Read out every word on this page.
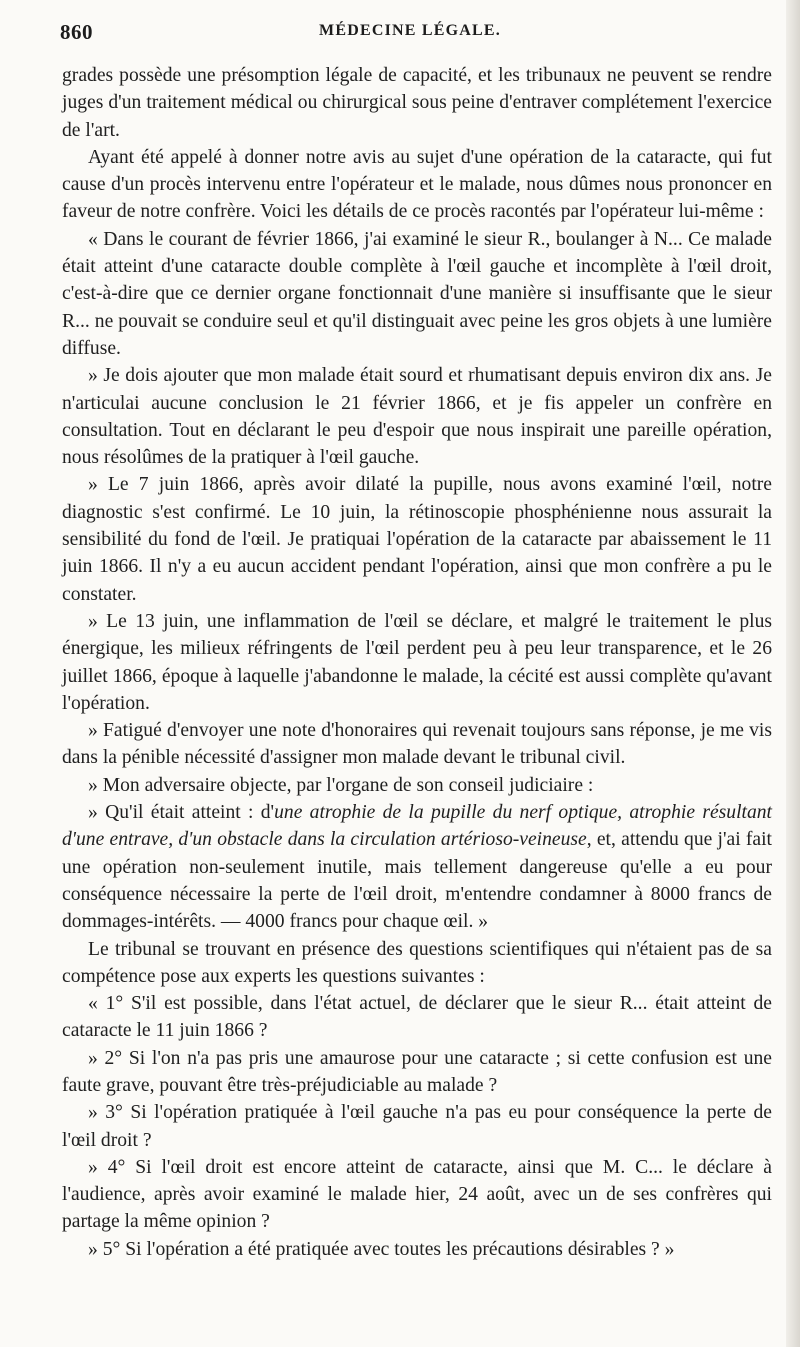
860	MÉDECINE LÉGALE.

grades possède une présomption légale de capacité, et les tribunaux ne peuvent se rendre juges d'un traitement médical ou chirurgical sous peine d'entraver complétement l'exercice de l'art.

Ayant été appelé à donner notre avis au sujet d'une opération de la cataracte, qui fut cause d'un procès intervenu entre l'opérateur et le malade, nous dûmes nous prononcer en faveur de notre confrère. Voici les détails de ce procès racontés par l'opérateur lui-même :

« Dans le courant de février 1866, j'ai examiné le sieur R., boulanger à N... Ce malade était atteint d'une cataracte double complète à l'œil gauche et incomplète à l'œil droit, c'est-à-dire que ce dernier organe fonctionnait d'une manière si insuffisante que le sieur R... ne pouvait se conduire seul et qu'il distinguait avec peine les gros objets à une lumière diffuse.

» Je dois ajouter que mon malade était sourd et rhumatisant depuis environ dix ans. Je n'articulai aucune conclusion le 21 février 1866, et je fis appeler un confrère en consultation. Tout en déclarant le peu d'espoir que nous inspirait une pareille opération, nous résolûmes de la pratiquer à l'œil gauche.

» Le 7 juin 1866, après avoir dilaté la pupille, nous avons examiné l'œil, notre diagnostic s'est confirmé. Le 10 juin, la rétinoscopie phosphénienne nous assurait la sensibilité du fond de l'œil. Je pratiquai l'opération de la cataracte par abaissement le 11 juin 1866. Il n'y a eu aucun accident pendant l'opération, ainsi que mon confrère a pu le constater.

» Le 13 juin, une inflammation de l'œil se déclare, et malgré le traitement le plus énergique, les milieux réfringents de l'œil perdent peu à peu leur transparence, et le 26 juillet 1866, époque à laquelle j'abandonne le malade, la cécité est aussi complète qu'avant l'opération.

» Fatigué d'envoyer une note d'honoraires qui revenait toujours sans réponse, je me vis dans la pénible nécessité d'assigner mon malade devant le tribunal civil.

» Mon adversaire objecte, par l'organe de son conseil judiciaire :

» Qu'il était atteint : d'une atrophie de la pupille du nerf optique, atrophie résultant d'une entrave, d'un obstacle dans la circulation artérioso-veineuse, et, attendu que j'ai fait une opération non-seulement inutile, mais tellement dangereuse qu'elle a eu pour conséquence nécessaire la perte de l'œil droit, m'entendre condamner à 8000 francs de dommages-intérêts. — 4000 francs pour chaque œil. »

Le tribunal se trouvant en présence des questions scientifiques qui n'étaient pas de sa compétence pose aux experts les questions suivantes :

« 1° S'il est possible, dans l'état actuel, de déclarer que le sieur R... était atteint de cataracte le 11 juin 1866 ?

» 2° Si l'on n'a pas pris une amaurose pour une cataracte ; si cette confusion est une faute grave, pouvant être très-préjudiciable au malade ?

» 3° Si l'opération pratiquée à l'œil gauche n'a pas eu pour conséquence la perte de l'œil droit ?

» 4° Si l'œil droit est encore atteint de cataracte, ainsi que M. C... le déclare à l'audience, après avoir examiné le malade hier, 24 août, avec un de ses confrères qui partage la même opinion ?

» 5° Si l'opération a été pratiquée avec toutes les précautions désirables ? »
